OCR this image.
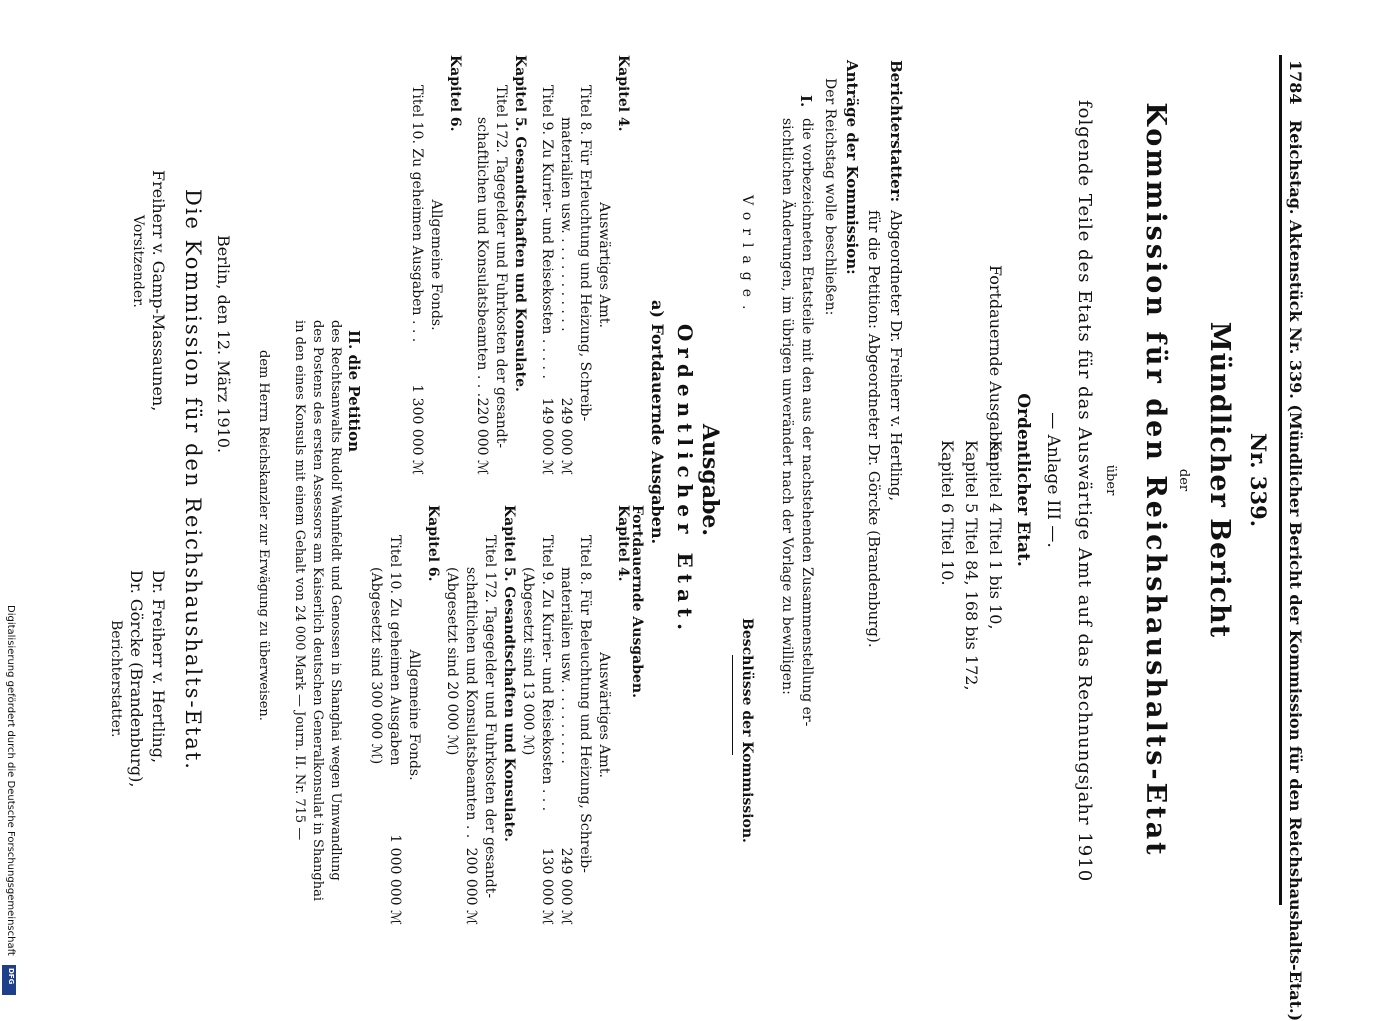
1784
Reichstag. Aktenstück Nr. 339. (Mündlicher Bericht der Kommission für den Reichshaushalts-Etat.)
Nr. 339.
Mündlicher Bericht
der
Kommission für den Reichshaushalts-Etat
über
folgende Teile des Etats für das Auswärtige Amt auf das Rechnungsjahr 1910
— Anlage III —.
Ordentlicher Etat.
Fortdauernde Ausgaben:
Kapitel 4 Titel 1 bis 10,
Kapitel 5 Titel 84, 168 bis 172,
Kapitel 6 Titel 10.
Berichterstatter:
Abgeordneter Dr. Freiherr v. Hertling,
für die Petition: Abgeordneter Dr. Görcke (Brandenburg).
Anträge der Kommission:
Der Reichstag wolle beschließen:
I.
die vorbezeichneten Etatsteile mit den aus der nachstehenden Zusammenstellung er-
sichtlichen Änderungen, im übrigen unverändert nach der Vorlage zu bewilligen:
Vorlage.
Beschlüsse der Kommission.
Ausgabe.
Ordentlicher Etat.
a) Fortdauernde Ausgaben.
Fortdauernde Ausgaben.
Kapitel 4.
Auswärtiges Amt.
Titel 8. Für Erleuchtung und Heizung, Schreib-
materialien usw. . . . . . . . . . . .
249 000 ℳ
Titel 9. Zu Kurier- und Reisekosten . . . . .
149 000 ℳ
Kapitel 5. Gesandtschaften und Konsulate.
Titel 172. Tagegelder und Fuhrkosten der gesandt-
schaftlichen und Konsulatsbeamten . . .
220 000 ℳ
Kapitel 6.
Allgemeine Fonds.
Titel 10. Zu geheimen Ausgaben . . .
1 300 000 ℳ
Kapitel 4.
Auswärtiges Amt.
Titel 8. Für Beleuchtung und Heizung, Schreib-
materialien usw. . . . . . . . . .
249 000 ℳ
Titel 9. Zu Kurier- und Reisekosten . . .
130 000 ℳ
(Abgesetzt sind 13 000 ℳ)
Kapitel 5. Gesandtschaften und Konsulate.
Titel 172. Tagegelder und Fuhrkosten der gesandt-
schaftlichen und Konsulatsbeamten . .
200 000 ℳ
(Abgesetzt sind 20 000 ℳ)
Kapitel 6.
Allgemeine Fonds.
Titel 10. Zu geheimen Ausgaben
1 000 000 ℳ
(Abgesetzt sind 300 000 ℳ)
II. die Petition
des Rechtsanwalts Rudolf Wahnfeldt und Genossen in Shanghai wegen Umwandlung
des Postens des ersten Assessors am Kaiserlich deutschen Generalkonsulat in Shanghai
in den eines Konsuls mit einem Gehalt von 24 000 Mark — Journ. II. Nr. 715 —
dem Herrn Reichskanzler zur Erwägung zu überweisen.
Berlin, den 12. März 1910.
Die Kommission für den Reichshaushalts-Etat.
Freiherr v. Gamp-Massaunen,
Vorsitzender.
Dr. Freiherr v. Hertling,
Dr. Görcke (Brandenburg),
Berichterstatter.
Digitalisierung gefördert durch die Deutsche Forschungsgemeinschaft
DFG
